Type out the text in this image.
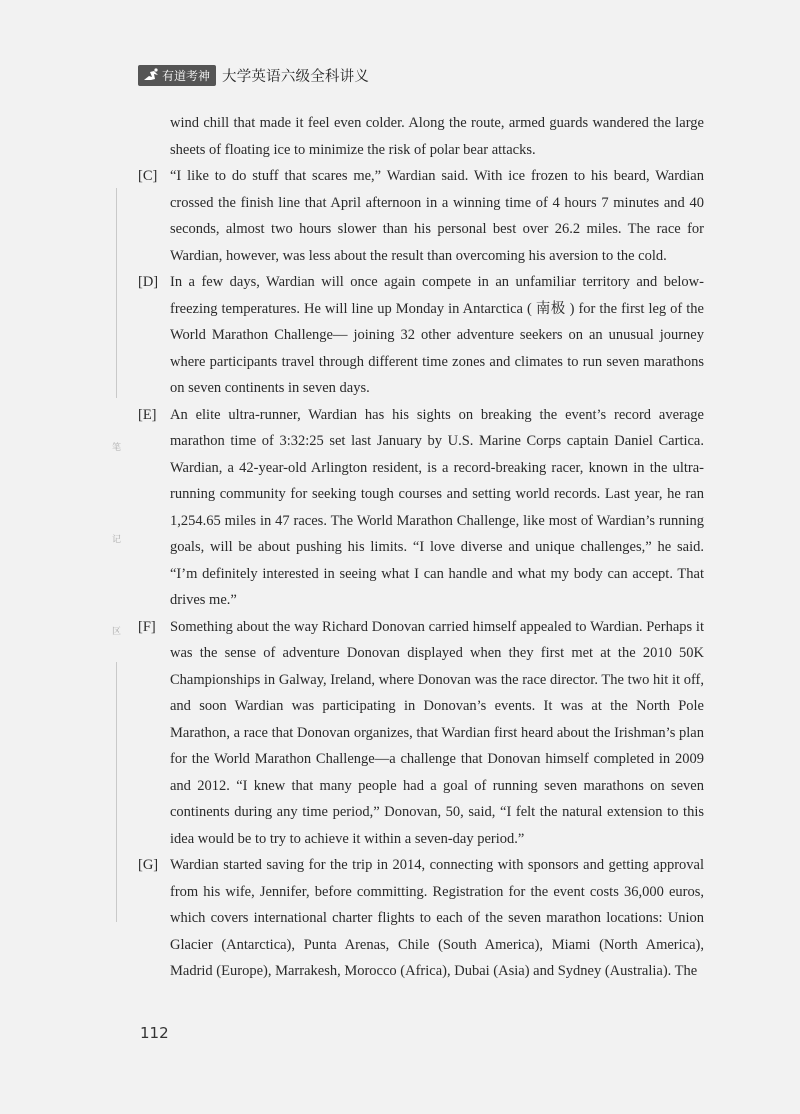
有道考神 大学英语六级全科讲义
笔
记
区
wind chill that made it feel even colder. Along the route, armed guards wandered the large sheets of floating ice to minimize the risk of polar bear attacks.
[C] “I like to do stuff that scares me,” Wardian said. With ice frozen to his beard, Wardian crossed the finish line that April afternoon in a winning time of 4 hours 7 minutes and 40 seconds, almost two hours slower than his personal best over 26.2 miles. The race for Wardian, however, was less about the result than overcoming his aversion to the cold.
[D] In a few days, Wardian will once again compete in an unfamiliar territory and below-freezing temperatures. He will line up Monday in Antarctica ( 南极 ) for the first leg of the World Marathon Challenge— joining 32 other adventure seekers on an unusual journey where participants travel through different time zones and climates to run seven marathons on seven continents in seven days.
[E] An elite ultra-runner, Wardian has his sights on breaking the event’s record average marathon time of 3:32:25 set last January by U.S. Marine Corps captain Daniel Cartica. Wardian, a 42-year-old Arlington resident, is a record-breaking racer, known in the ultra-running community for seeking tough courses and setting world records. Last year, he ran 1,254.65 miles in 47 races. The World Marathon Challenge, like most of Wardian’s running goals, will be about pushing his limits. “I love diverse and unique challenges,” he said. “I’m definitely interested in seeing what I can handle and what my body can accept. That drives me.”
[F] Something about the way Richard Donovan carried himself appealed to Wardian. Perhaps it was the sense of adventure Donovan displayed when they first met at the 2010 50K Championships in Galway, Ireland, where Donovan was the race director. The two hit it off, and soon Wardian was participating in Donovan’s events. It was at the North Pole Marathon, a race that Donovan organizes, that Wardian first heard about the Irishman’s plan for the World Marathon Challenge—a challenge that Donovan himself completed in 2009 and 2012. “I knew that many people had a goal of running seven marathons on seven continents during any time period,” Donovan, 50, said, “I felt the natural extension to this idea would be to try to achieve it within a seven-day period.”
[G] Wardian started saving for the trip in 2014, connecting with sponsors and getting approval from his wife, Jennifer, before committing. Registration for the event costs 36,000 euros, which covers international charter flights to each of the seven marathon locations: Union Glacier (Antarctica), Punta Arenas, Chile (South America), Miami (North America), Madrid (Europe), Marrakesh, Morocco (Africa), Dubai (Asia) and Sydney (Australia). The
112
